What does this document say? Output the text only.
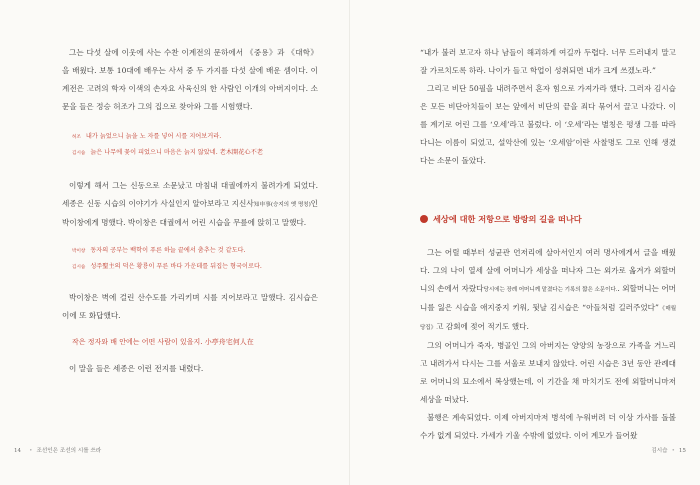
그는 다섯 살에 이웃에 사는 수찬 이계전의 문하에서 《중용》과 《대학》을 배웠다. 보통 10대에 배우는 사서 중 두 가지를 다섯 살에 배운 셈이다. 이계전은 고려의 학자 이색의 손자요 사육신의 한 사람인 이개의 아버지이다. 소문을 들은 정승 허조가 그의 집으로 찾아와 그를 시험했다.

허조 내가 늙었으니 늙을 노 자를 넣어 시를 지어보거라.

김시습 늙은 나무에 꽃이 피었으니 마음은 늙지 않았네. 老木開花心不老

이렇게 해서 그는 신동으로 소문났고 마침내 대궐에까지 불려가게 되었다. 세종은 신동 시습의 이야기가 사실인지 알아보라고 지신사知申事(승지의 옛 명칭)인 박이창에게 명했다. 박이창은 대궐에서 어린 시습을 무릎에 앉히고 말했다.

박이창 동자의 공부는 백학이 푸른 하늘 끝에서 춤추는 것 같도다.

김시습 성주聖主의 덕은 황룡이 푸른 바다 가운데를 뒤집는 형국이로다.

박이창은 벽에 걸린 산수도를 가리키며 시를 지어보라고 말했다. 김시습은 이에 또 화답했다.

작은 정자와 배 안에는 어떤 사람이 있을지. 小亭舟宅何人在

이 말을 들은 세종은 이런 전지를 내렸다.

14 • 조선인은 조선의 시를 쓰라

“내가 불러 보고자 하나 남들이 해괴하게 여길까 두렵다. 너무 드러내지 말고 잘 가르치도록 하라. 나이가 들고 학업이 성취되면 내가 크게 쓰겠노라.”

그리고 비단 50필을 내려주면서 혼자 힘으로 가져가라 했다. 그러자 김시습은 모든 비단아치들이 보는 앞에서 비단의 끝을 죄다 묶어서 끌고 나갔다. 이를 계기로 어린 그를 ‘오세’라고 불렀다. 이 ‘오세’라는 별칭은 평생 그를 따라다니는 이름이 되었고, 설악산에 있는 ‘오세암’이란 사찰명도 그로 인해 생겼다는 소문이 돌았다.

세상에 대한 저항으로 방랑의 길을 떠나다

그는 어릴 때부터 성균관 언저리에 살아서인지 여러 명사에게서 글을 배웠다. 그의 나이 열세 살에 어머니가 세상을 떠나자 그는 외가로 옮겨가 외할머니의 손에서 자랐다당시에는 장례 어머니께 맡겼다는 기록의 짧은 소문이다.. 외할머니는 어머니를 잃은 시습을 애지중지 키워, 뒷날 김시습은 “아들처럼 길러주었다”《매월당집》고 감회에 젖어 적기도 했다.

그의 어머니가 죽자, 병골인 그의 아버지는 양양의 농장으로 가족을 거느리고 내려가서 다시는 그를 서울로 보내지 않았다. 어린 시습은 3년 동안 관례대로 어머니의 묘소에서 복상했는데, 이 기간을 채 마치기도 전에 외할머니마저 세상을 떠났다.

불행은 계속되었다. 이제 아버지마저 병석에 누워버려 더 이상 가사를 돌볼 수가 없게 되었다. 가세가 기울 수밖에 없었다. 이어 계모가 들어왔

김시습 • 15
